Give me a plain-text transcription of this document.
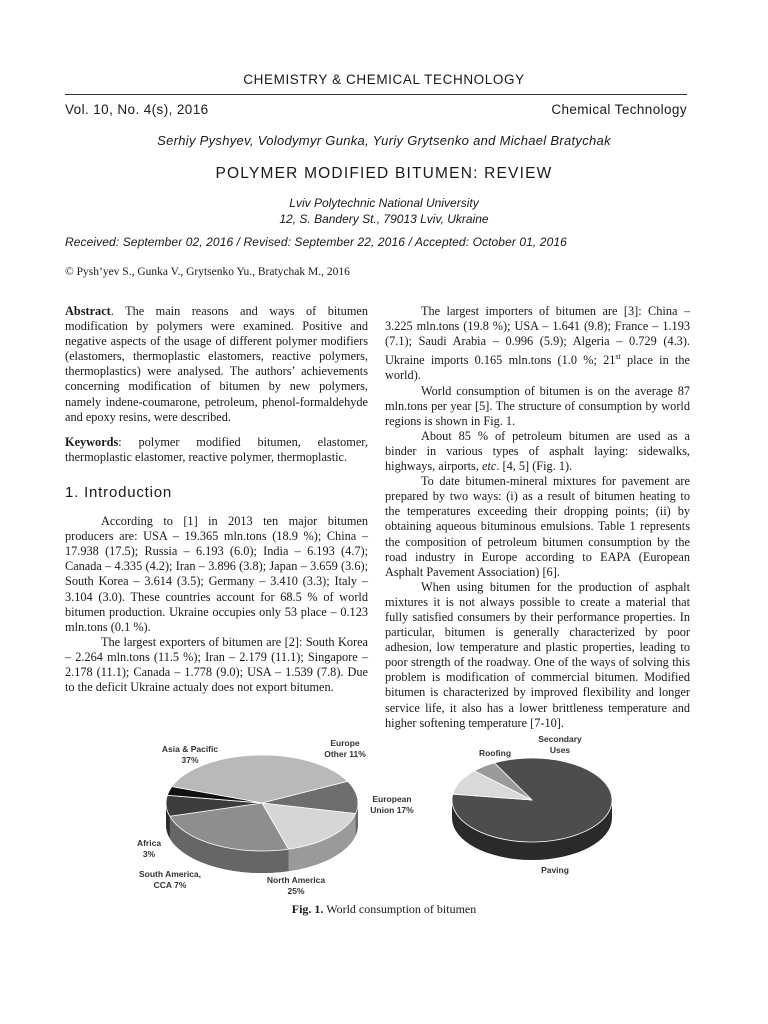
CHEMISTRY & CHEMICAL TECHNOLOGY
Vol. 10, No. 4(s), 2016	Chemical Technology
Serhiy Pyshyev, Volodymyr Gunka, Yuriy Grytsenko and Michael Bratychak
POLYMER MODIFIED BITUMEN: REVIEW
Lviv Polytechnic National University
12, S. Bandery St., 79013 Lviv, Ukraine
Received: September 02, 2016 / Revised: September 22, 2016 / Accepted: October 01, 2016
© Pysh’yev S., Gunka V., Grytsenko Yu., Bratychak M., 2016

Abstract. The main reasons and ways of bitumen modification by polymers were examined. Positive and negative aspects of the usage of different polymer modifiers (elastomers, thermoplastic elastomers, reactive polymers, thermoplastics) were analysed. The authors’ achievements concerning modification of bitumen by new polymers, namely indene-coumarone, petroleum, phenol-formaldehyde and epoxy resins, were described.

Keywords: polymer modified bitumen, elastomer, thermoplastic elastomer, reactive polymer, thermoplastic.

1. Introduction

According to [1] in 2013 ten major bitumen producers are: USA – 19.365 mln.tons (18.9 %); China – 17.938 (17.5); Russia – 6.193 (6.0); India – 6.193 (4.7); Canada – 4.335 (4.2); Iran – 3.896 (3.8); Japan – 3.659 (3.6); South Korea – 3.614 (3.5); Germany – 3.410 (3.3); Italy – 3.104 (3.0). These countries account for 68.5 % of world bitumen production. Ukraine occupies only 53 place – 0.123 mln.tons (0.1 %).

The largest exporters of bitumen are [2]: South Korea – 2.264 mln.tons (11.5 %); Iran – 2.179 (11.1); Singapore – 2.178 (11.1); Canada – 1.778 (9.0); USA – 1.539 (7.8). Due to the deficit Ukraine actualy does not export bitumen.

The largest importers of bitumen are [3]: China – 3.225 mln.tons (19.8 %); USA – 1.641 (9.8); France – 1.193 (7.1); Saudi Arabia – 0.996 (5.9); Algeria – 0.729 (4.3). Ukraine imports 0.165 mln.tons (1.0 %; 21st place in the world).

World consumption of bitumen is on the average 87 mln.tons per year [5]. The structure of consumption by world regions is shown in Fig. 1.

About 85 % of petroleum bitumen are used as a binder in various types of asphalt laying: sidewalks, highways, airports, etc. [4, 5] (Fig. 1).

To date bitumen-mineral mixtures for pavement are prepared by two ways: (i) as a result of bitumen heating to the temperatures exceeding their dropping points; (ii) by obtaining aqueous bituminous emulsions. Table 1 represents the composition of petroleum bitumen consumption by the road industry in Europe according to EAPA (European Asphalt Pavement Association) [6].

When using bitumen for the production of asphalt mixtures it is not always possible to create a material that fully satisfied consumers by their performance properties. In particular, bitumen is generally characterized by poor adhesion, low temperature and plastic properties, leading to poor strength of the roadway. One of the ways of solving this problem is modification of commercial bitumen. Modified bitumen is characterized by improved flexibility and longer service life, it also has a lower brittleness temperature and higher softening temperature [7-10].

Asia & Pacific
37%
Europe
Other 11%
European
Union 17%
North America
25%
South America,
CCA 7%
Africa
3%
Secondary
Uses
Roofing
Paving
Fig. 1. World consumption of bitumen
